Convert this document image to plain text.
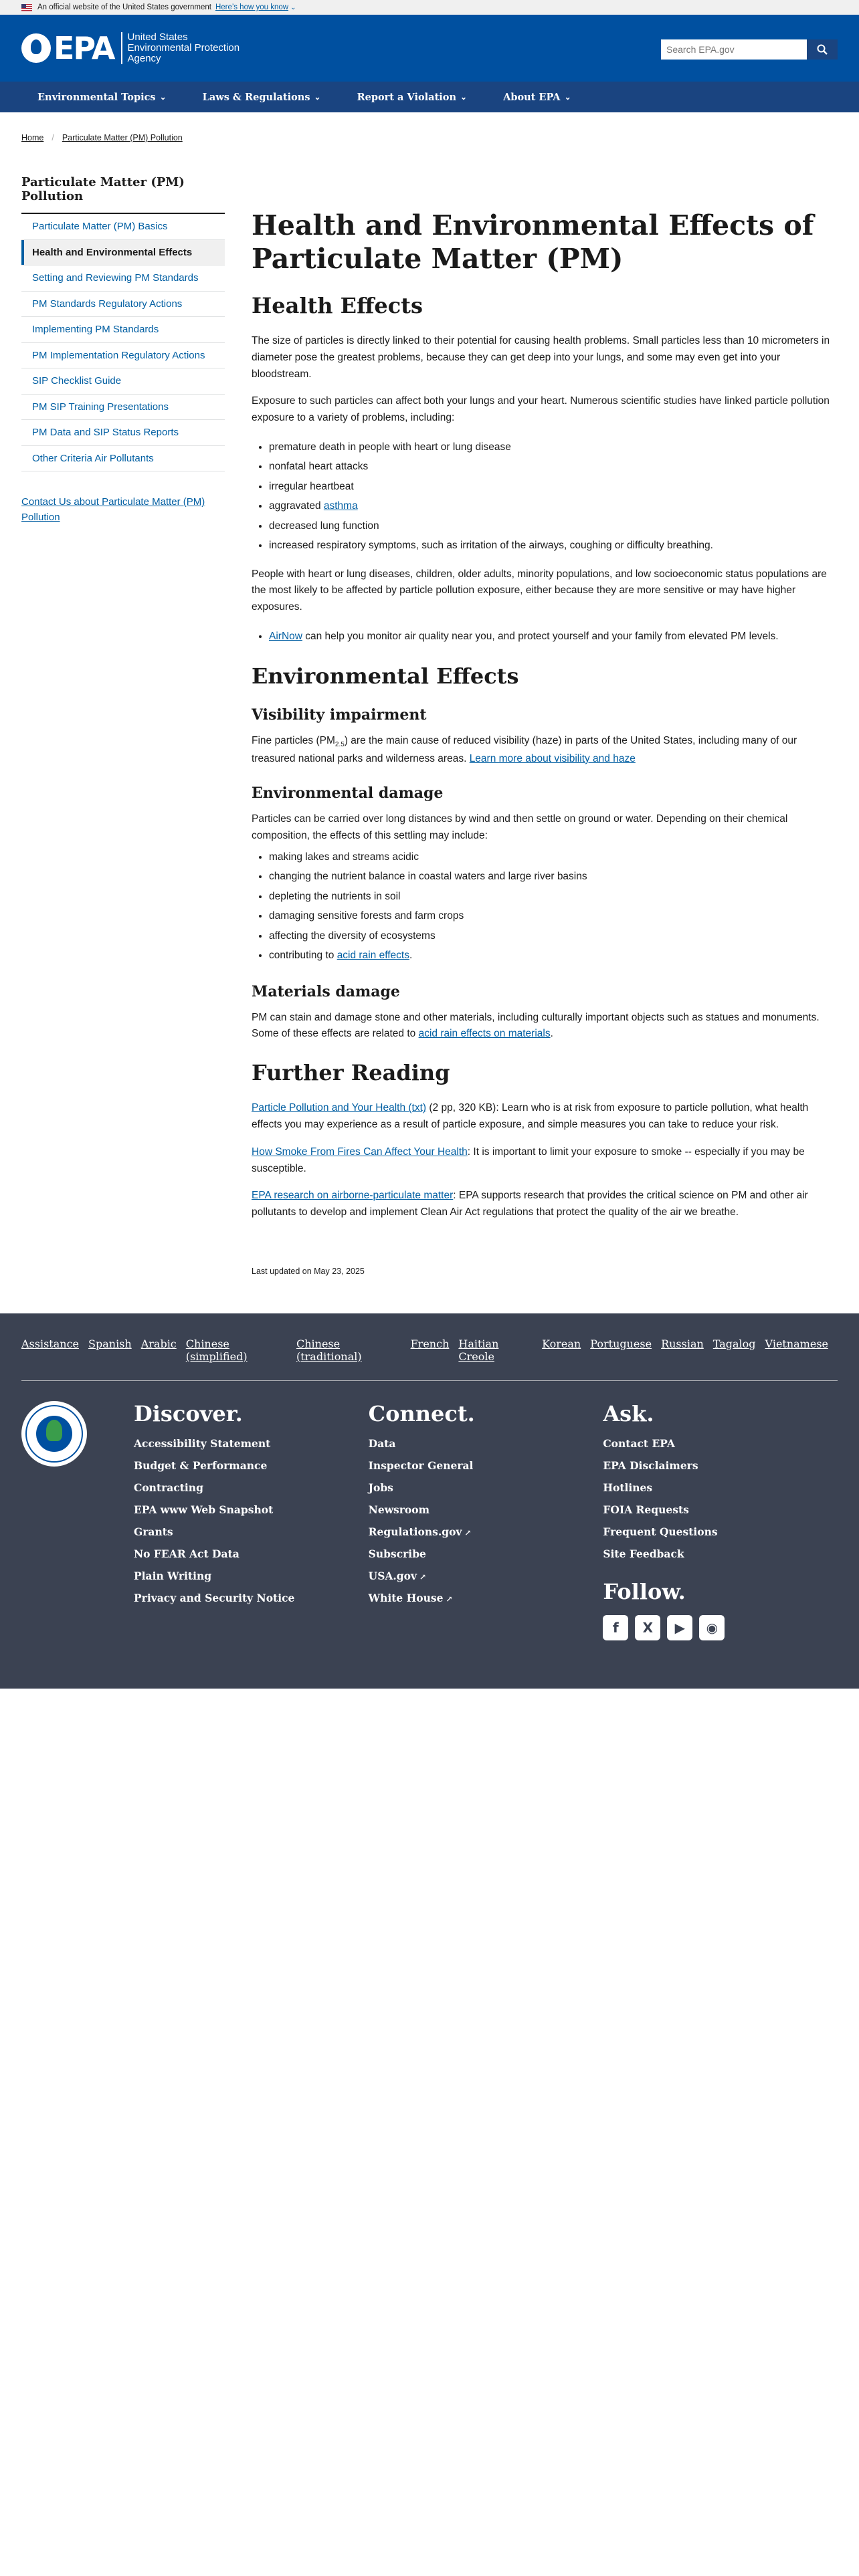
An official website of the United States government Here’s how you know ⌄
EPA United States
Environmental Protection
Agency
Search EPA.gov
Environmental Topics ⌄	Laws & Regulations ⌄	Report a Violation ⌄	About EPA ⌄
Home / Particulate Matter (PM) Pollution
Particulate Matter (PM) Pollution
Particulate Matter (PM) Basics
Health and Environmental Effects
Setting and Reviewing PM Standards
PM Standards Regulatory Actions
Implementing PM Standards
PM Implementation Regulatory Actions
SIP Checklist Guide
PM SIP Training Presentations
PM Data and SIP Status Reports
Other Criteria Air Pollutants
Contact Us about Particulate Matter (PM) Pollution
Health and Environmental Effects of Particulate Matter (PM)
Health Effects

The size of particles is directly linked to their potential for causing health problems. Small particles less than 10 micrometers in diameter pose the greatest problems, because they can get deep into your lungs, and some may even get into your bloodstream.

Exposure to such particles can affect both your lungs and your heart. Numerous scientific studies have linked particle pollution exposure to a variety of problems, including:

• premature death in people with heart or lung disease
• nonfatal heart attacks
• irregular heartbeat
• aggravated asthma
• decreased lung function
• increased respiratory symptoms, such as irritation of the airways, coughing or difficulty breathing.

People with heart or lung diseases, children, older adults, minority populations, and low socioeconomic status populations are the most likely to be affected by particle pollution exposure, either because they are more sensitive or may have higher exposures.

• AirNow can help you monitor air quality near you, and protect yourself and your family from elevated PM levels.
Environmental Effects
Visibility impairment

Fine particles $(PM_{2.5})$ are the main cause of reduced visibility (haze) in parts of the United States, including many of our treasured national parks and wilderness areas. Learn more about visibility and haze

Environmental damage

Particles can be carried over long distances by wind and then settle on ground or water. Depending on their chemical composition, the effects of this settling may include:

• making lakes and streams acidic
• changing the nutrient balance in coastal waters and large river basins
• depleting the nutrients in soil
• damaging sensitive forests and farm crops
• affecting the diversity of ecosystems
• contributing to acid rain effects.
Materials damage

PM can stain and damage stone and other materials, including culturally important objects such as statues and monuments. Some of these effects are related to acid rain effects on materials.

Further Reading

Particle Pollution and Your Health (txt) (2 pp, 320 KB): Learn who is at risk from exposure to particle pollution, what health effects you may experience as a result of particle exposure, and simple measures you can take to reduce your risk.

How Smoke From Fires Can Affect Your Health: It is important to limit your exposure to smoke -- especially if you may be susceptible.

EPA research on airborne-particulate matter: EPA supports research that provides the critical science on PM and other air pollutants to develop and implement Clean Air Act regulations that protect the quality of the air we breathe.

Last updated on May 23, 2025
Assistance Spanish Arabic Chinese (simplified)
Chinese (traditional)
French Haitian Creole
Korean Portuguese Russian Tagalog Vietnamese
Discover.
Accessibility Statement
Budget & Performance
Contracting
EPA www Web Snapshot
Grants
No FEAR Act Data
Plain Writing
Privacy and Security Notice
Connect.
Data
Inspector General
Jobs
Newsroom
Regulations.gov ↗
Subscribe
USA.gov ↗
White House ↗
Ask.
Contact EPA
EPA Disclaimers
Hotlines
FOIA Requests
Frequent Questions
Site Feedback
Follow.
f	X	▶	◉
